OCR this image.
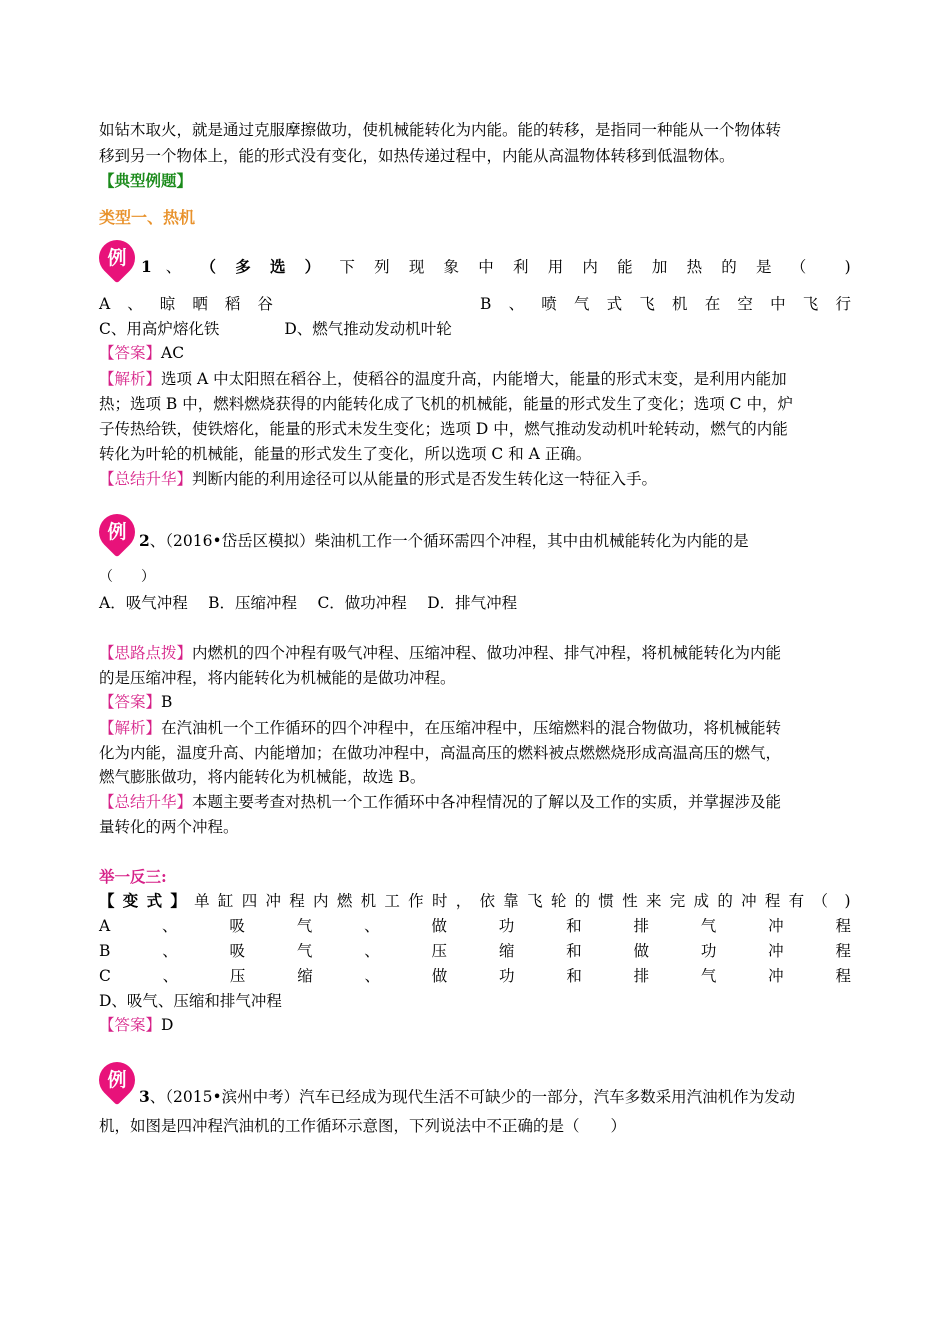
如钻木取火，就是通过克服摩擦做功，使机械能转化为内能。能的转移，是指同一种能从一个物体转
移到另一个物体上，能的形式没有变化，如热传递过程中，内能从高温物体转移到低温物体。
【典型例题】
类型一、热机
例 1 、 （ 多 选 ） 下 列 现 象 中 利 用 内 能 加 热 的 是 （ )
A 、 晾 晒 稻 谷	B 、 喷 气 式 飞 机 在 空 中 飞 行
C、用高炉熔化铁	D、燃气推动发动机叶轮
【答案】AC
【解析】选项 A 中太阳照在稻谷上，使稻谷的温度升高，内能增大，能量的形式末变，是利用内能加
热；选项 B 中，燃料燃烧获得的内能转化成了飞机的机械能，能量的形式发生了变化；选项 C 中，炉
子传热给铁，使铁熔化，能量的形式未发生变化；选项 D 中，燃气推动发动机叶轮转动，燃气的内能
转化为叶轮的机械能，能量的形式发生了变化，所以选项 C 和 A 正确。
【总结升华】判断内能的利用途径可以从能量的形式是否发生转化这一特征入手。
例 2、（2016•岱岳区模拟）柴油机工作一个循环需四个冲程，其中由机械能转化为内能的是
（　　）
A．吸气冲程　 B．压缩冲程　 C．做功冲程　 D．排气冲程
【思路点拨】内燃机的四个冲程有吸气冲程、压缩冲程、做功冲程、排气冲程，将机械能转化为内能
的是压缩冲程，将内能转化为机械能的是做功冲程。
【答案】B
【解析】在汽油机一个工作循环的四个冲程中，在压缩冲程中，压缩燃料的混合物做功，将机械能转
化为内能，温度升高、内能增加；在做功冲程中，高温高压的燃料被点燃燃烧形成高温高压的燃气，
燃气膨胀做功，将内能转化为机械能，故选 B。
【总结升华】本题主要考查对热机一个工作循环中各冲程情况的了解以及工作的实质，并掌握涉及能
量转化的两个冲程。
举一反三:
【 变 式 】 单 缸 四 冲 程 内 燃 机 工 作 时 ， 依 靠 飞 轮 的 惯 性 来 完 成 的 冲 程 有 （ )
A	、	吸	气	、	做	功	和	排	气	冲	程
B	、	吸	气	、	压	缩	和	做	功	冲	程
C	、	压	缩	、	做	功	和	排	气	冲	程
D、吸气、压缩和排气冲程
【答案】D
例
3、（2015•滨州中考）汽车已经成为现代生活不可缺少的一部分，汽车多数采用汽油机作为发动
机，如图是四冲程汽油机的工作循环示意图，下列说法中不正确的是（　　）
